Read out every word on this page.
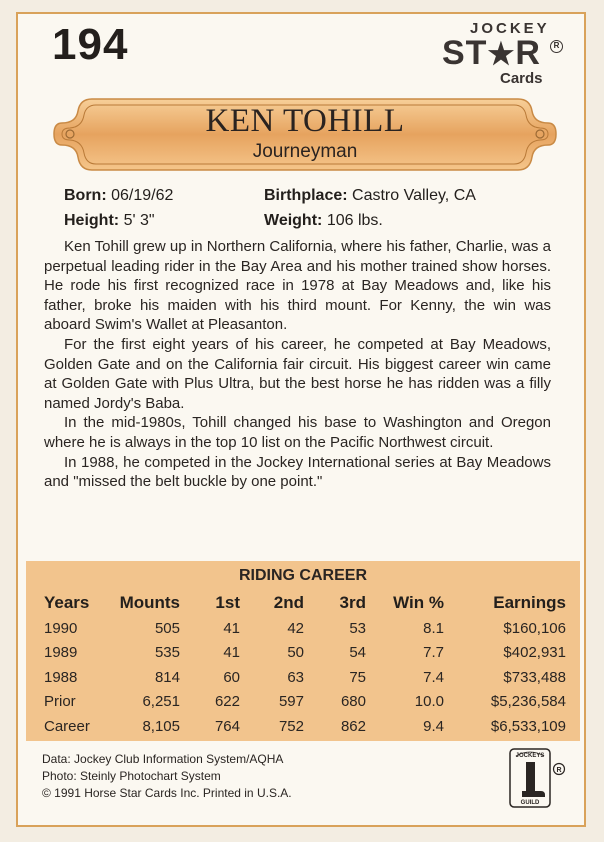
194	JOCKEY
ST★R
Cards
R
KEN TOHILL
Journeyman
Born: 06/19/62	Birthplace: Castro Valley, CA
Height: 5' 3"	Weight: 106 lbs.

Ken Tohill grew up in Northern California, where his father, Charlie, was a perpetual leading rider in the Bay Area and his mother trained show horses. He rode his first recognized race in 1978 at Bay Meadows and, like his father, broke his maiden with his third mount. For Kenny, the win was aboard Swim's Wallet at Pleasanton.

For the first eight years of his career, he competed at Bay Meadows, Golden Gate and on the California fair circuit. His biggest career win came at Golden Gate with Plus Ultra, but the best horse he has ridden was a filly named Jordy's Baba.

In the mid-1980s, Tohill changed his base to Washington and Oregon where he is always in the top 10 list on the Pacific Northwest circuit.

In 1988, he competed in the Jockey International series at Bay Meadows and "missed the belt buckle by one point."

RIDING CAREER
Years	Mounts	1st	2nd	3rd	Win %	Earnings
1990	505	41	42	53	8.1	$160,106
1989	535	41	50	54	7.7	$402,931
1988	814	60	63	75	7.4	$733,488
Prior	6,251	622	597	680	10.0	$5,236,584
Career	8,105	764	752	862	9.4	$6,533,109
Data: Jockey Club Information System/AQHA
Photo: Steinly Photochart System
© 1991 Horse Star Cards Inc. Printed in U.S.A.
JOCKEYS
GUILD
R
